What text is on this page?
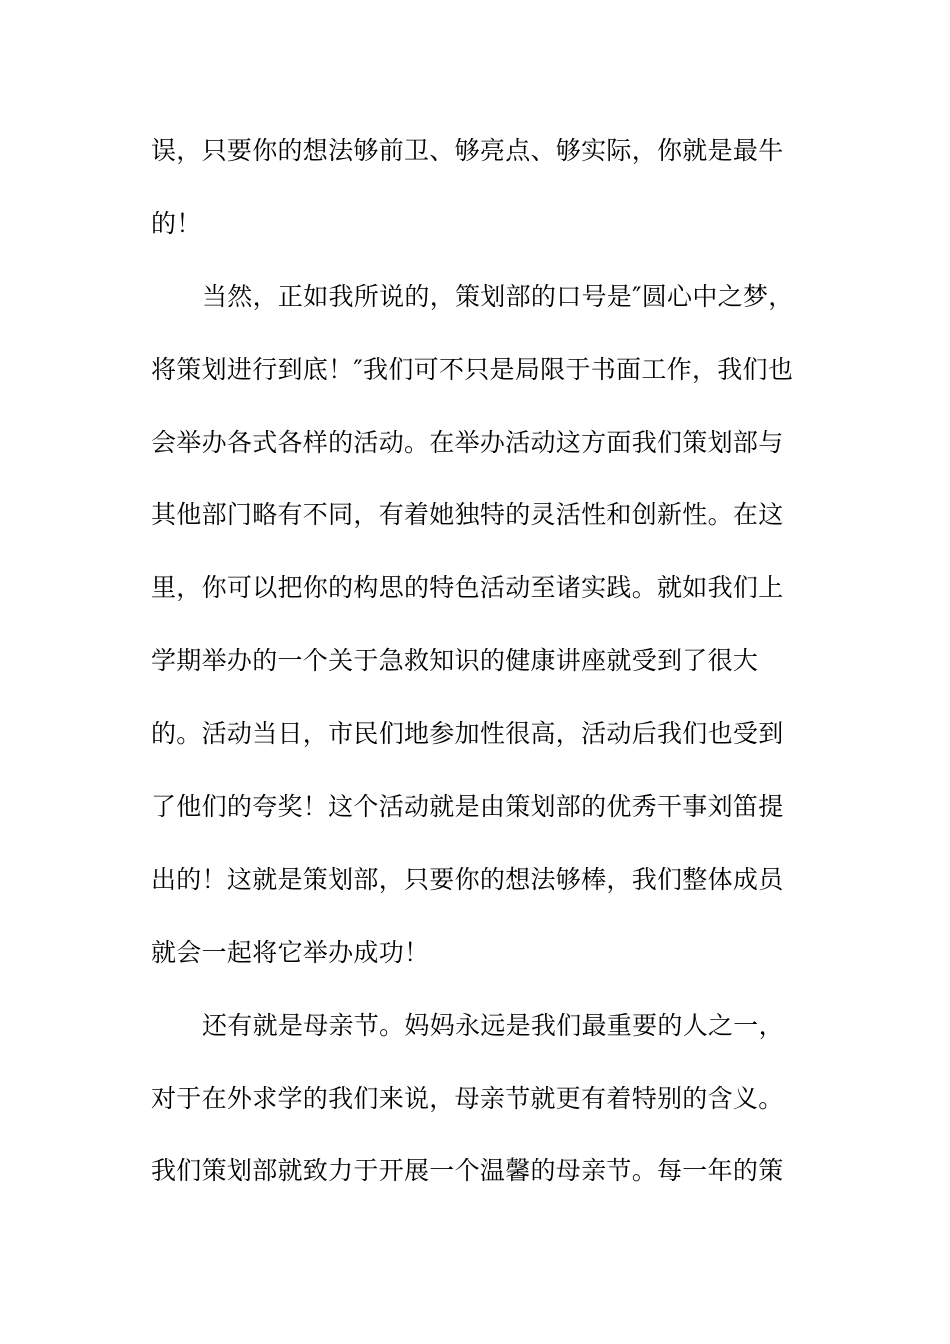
误，只要你的想法够前卫、够亮点、够实际，你就是最牛
的！
当然，正如我所说的，策划部的口号是″圆心中之梦，
将策划进行到底！″我们可不只是局限于书面工作，我们也
会举办各式各样的活动。在举办活动这方面我们策划部与
其他部门略有不同，有着她独特的灵活性和创新性。在这
里，你可以把你的构思的特色活动至诸实践。就如我们上
学期举办的一个关于急救知识的健康讲座就受到了很大
的。活动当日，市民们地参加性很高，活动后我们也受到
了他们的夸奖！这个活动就是由策划部的优秀干事刘笛提
出的！这就是策划部，只要你的想法够棒，我们整体成员
就会一起将它举办成功！
还有就是母亲节。妈妈永远是我们最重要的人之一，
对于在外求学的我们来说，母亲节就更有着特别的含义。
我们策划部就致力于开展一个温馨的母亲节。每一年的策
